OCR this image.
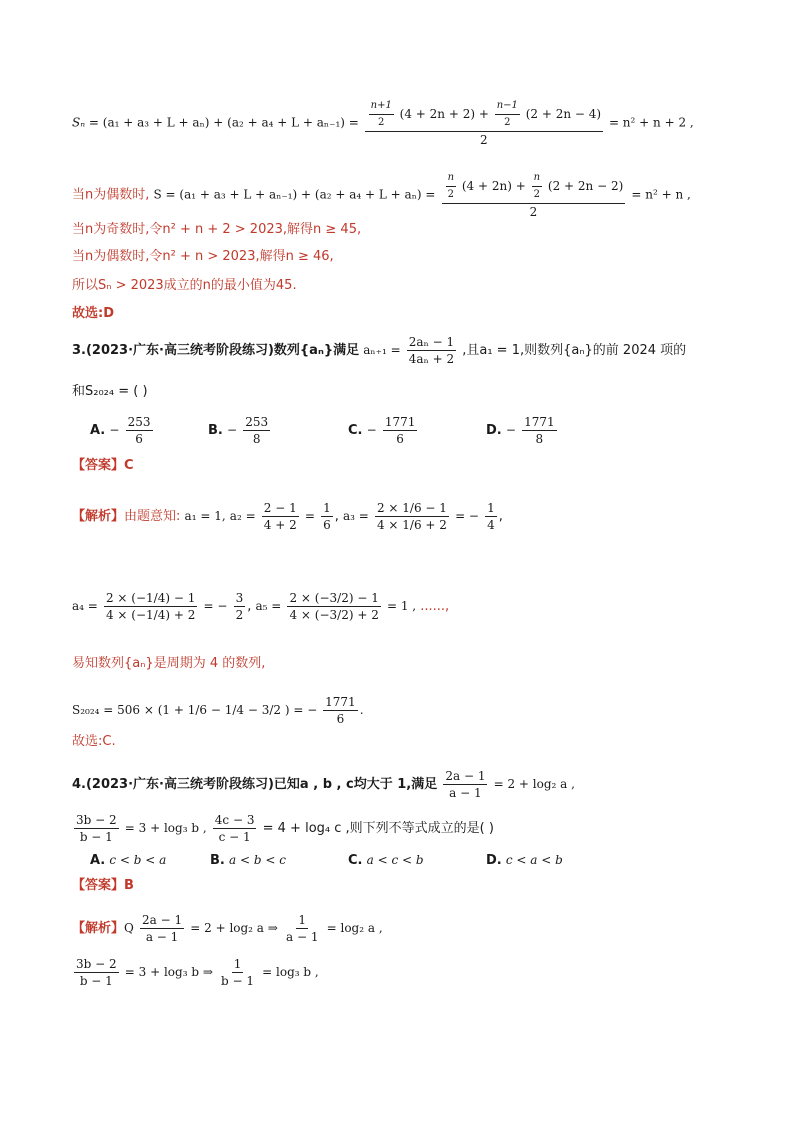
$S_n = (a_1 + a_3 + L + a_n) + (a_2 + a_4 + L + a_{n-1}) = \frac{\frac{n+1}{2} (4 + 2n + 2) + \frac{n-1}{2} (2 + 2n - 4)}{2} = n^2 + n + 2$ ,
当n为偶数时, $S = (a_1 + a_3 + L + a_{n-1}) + (a_2 + a_4 + L + a_n) = \frac{\frac{n}{2} (4 + 2n) + \frac{n}{2} (2 + 2n - 2)}{2} = n^2 + n$ ,
当n为奇数时,令n² + n + 2 > 2023,解得n ≥ 45,
当n为偶数时,令n² + n > 2023,解得n ≥ 46,
所以Sₙ > 2023成立的n的最小值为45.
故选:D
3.(2023·广东·高三统考阶段练习)数列{aₙ}满足 $a_{n+1} = \frac{\text{2aₙ − 1}}{\text{4aₙ + 2}}$ ,且a₁ = 1,则数列{aₙ}的前 2024 项的
和S₂₀₂₄ = ( )
A. − $\frac{253}{6}$	B. − $\frac{253}{8}$	C. − $\frac{1771}{6}$	D. − $\frac{1771}{8}$
【答案】C
【解析】由题意知: a₁ = 1, $a_2 = \frac{2 - 1}{4 + 2} = \frac{1}{6}$ , $a_3 = \frac{2 \times 1/6 - 1}{4 \times 1/6 + 2}$ = − $\frac{1}{4}$ ,
$a_4 = \frac{2 \times (-1/4) - 1}{4 \times (-1/4) + 2}$ = − $\frac{3}{2}$ , $a_5 = \frac{2 \times (-3/2) - 1}{4 \times (-3/2) + 2} = 1$ , ......,
易知数列{aₙ}是周期为 4 的数列,
S₂₀₂₄ = 506 × (1 + 1/6 − 1/4 − 3/2 ) = − $\frac{1771}{6}$ .
故选:C.
4.(2023·广东·高三统考阶段练习)已知a , b , c均大于 1,满足 $\frac{2a - 1}{a - 1} = 2 + \log_2$ a ,
$\frac{3b - 2}{b - 1} = 3 + \log_3$ b , $\frac{4c - 3}{c - 1} = 4 + \log_4$ c ,则下列不等式成立的是( )
A. c < b < a	B. a < b < c	C. a < c < b	D. c < a < b
【答案】B
【解析】Q $\frac{2a - 1}{a - 1} = 2 + \log_2$ a ⇒ $\frac{1}{a - 1} = \log_2$ a ,
$\frac{3b - 2}{b - 1} = 3 + \log_3$ b ⇒ $\frac{1}{b - 1} = \log_3$ b ,
